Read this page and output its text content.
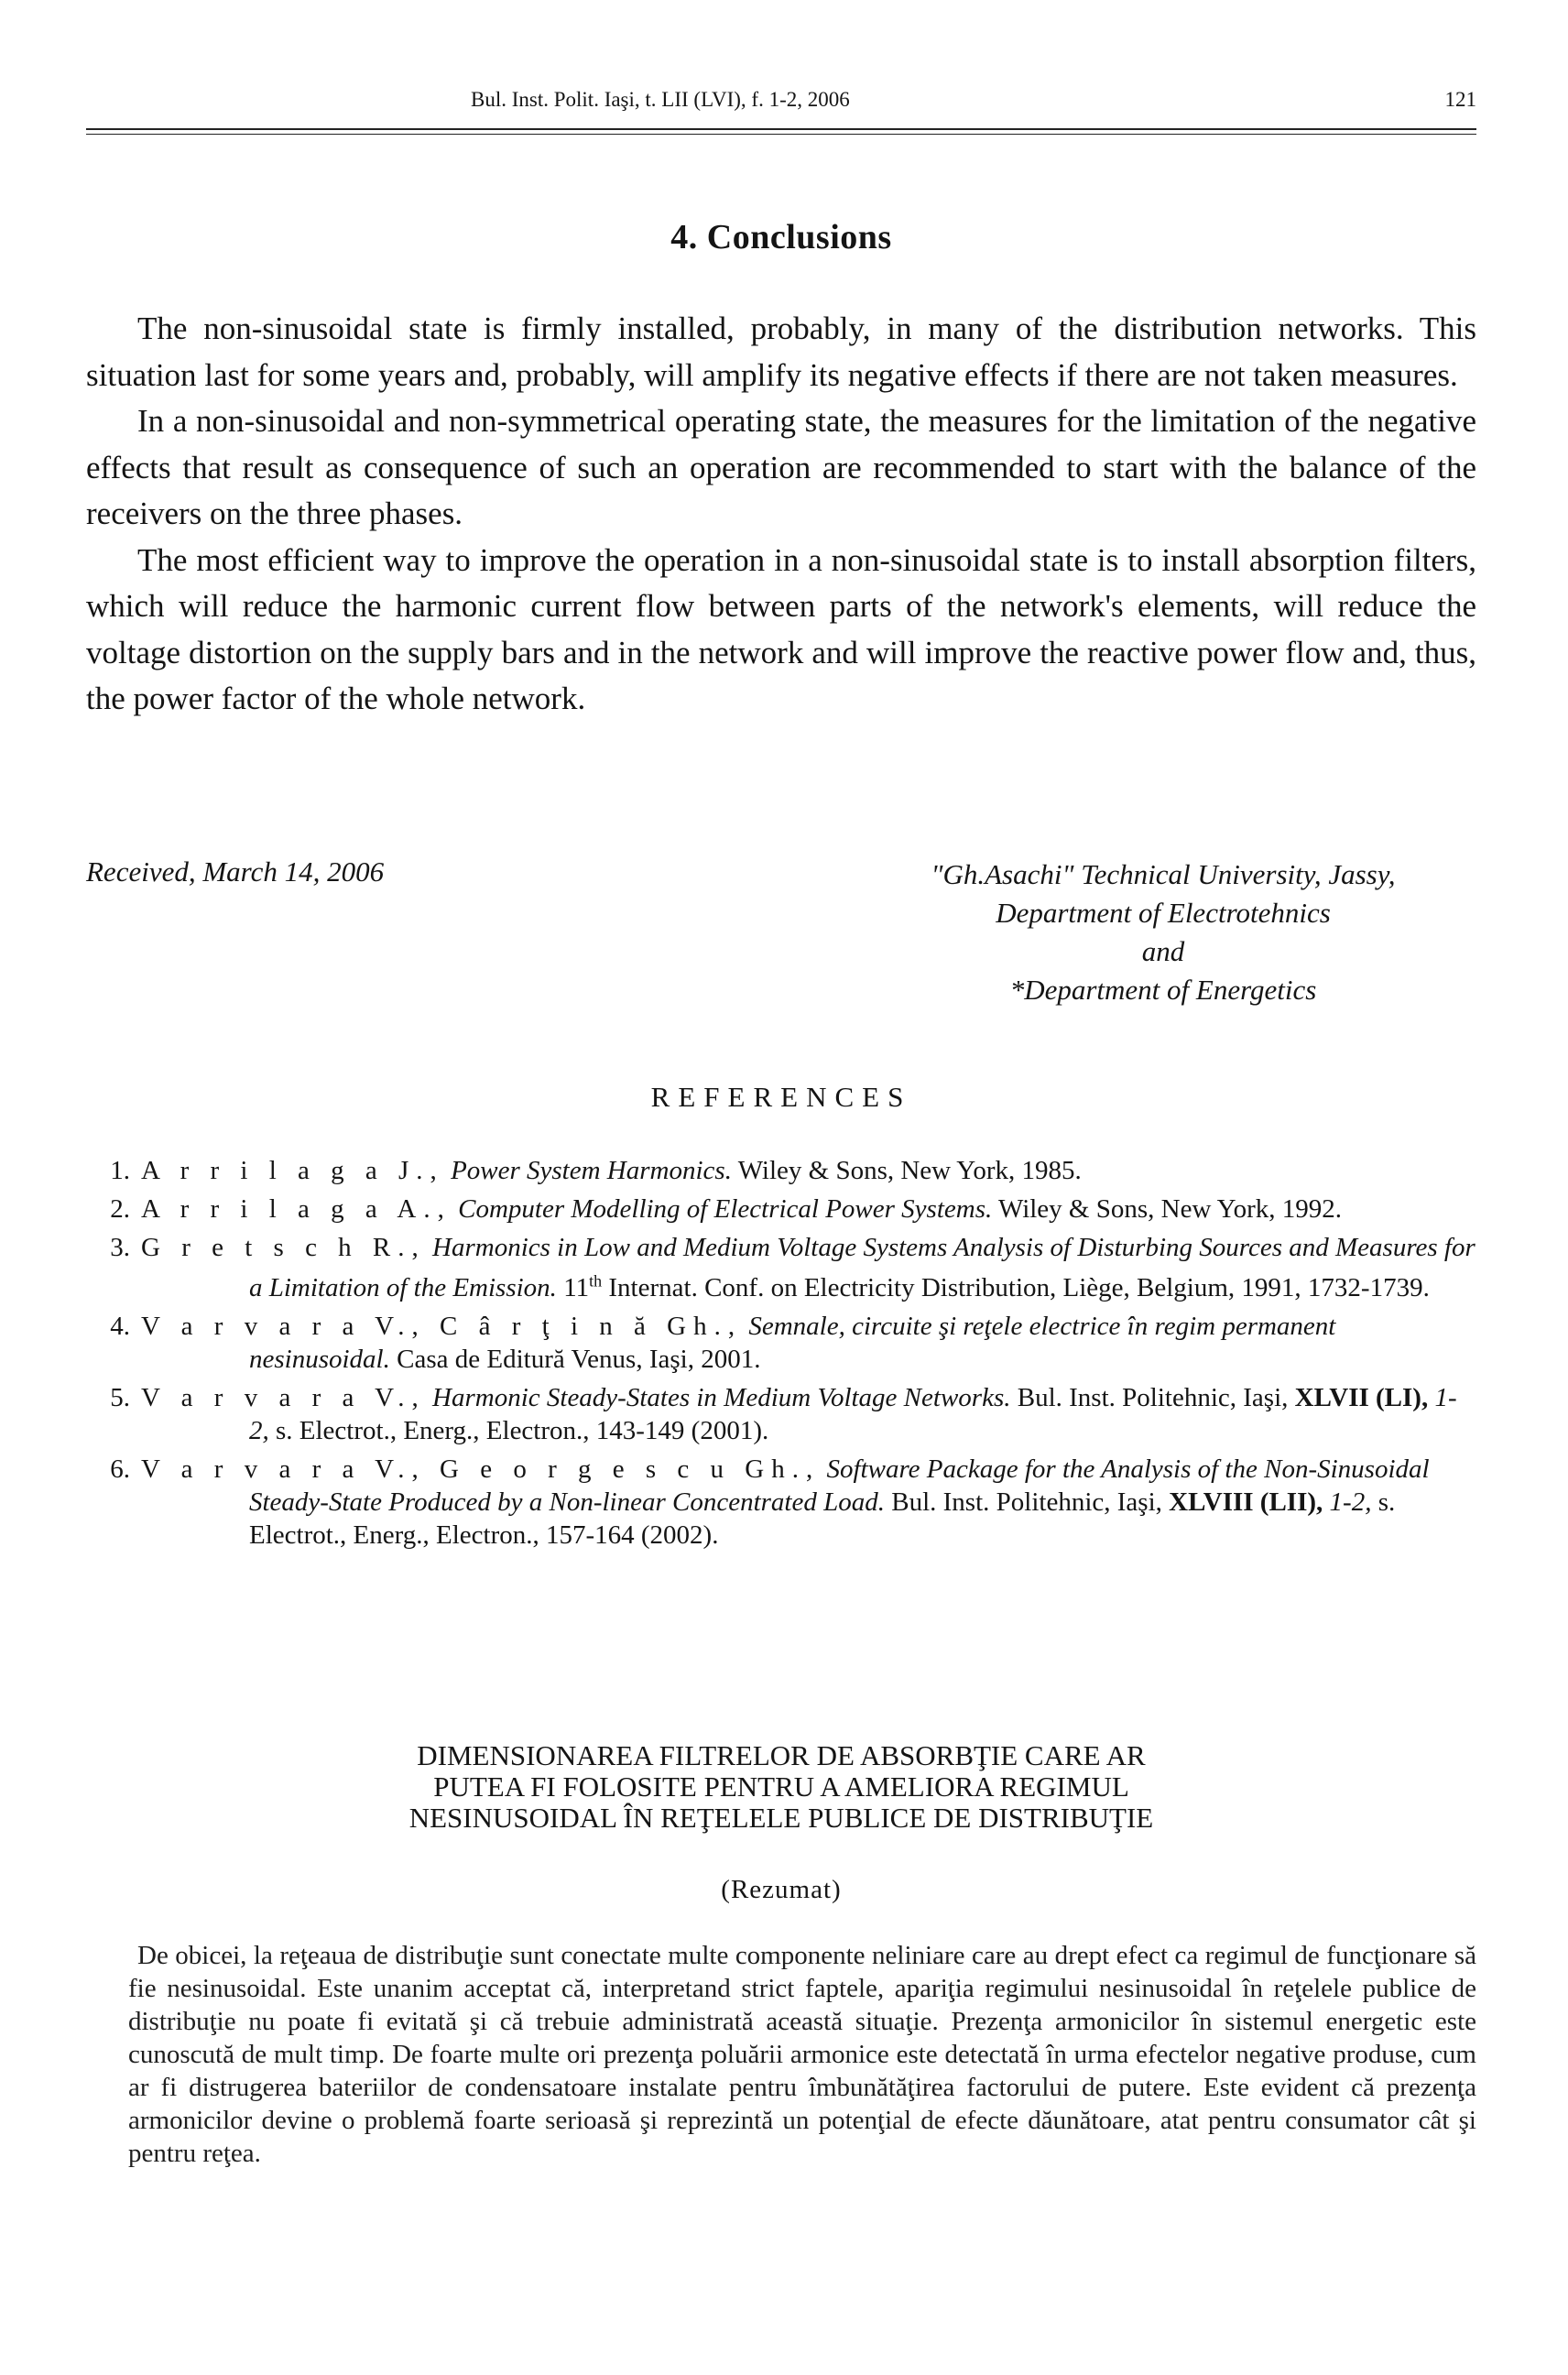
Bul. Inst. Polit. Iaşi, t. LII (LVI), f. 1-2, 2006	121
4. Conclusions

The non-sinusoidal state is firmly installed, probably, in many of the distribution networks. This situation last for some years and, probably, will amplify its negative effects if there are not taken measures.

In a non-sinusoidal and non-symmetrical operating state, the measures for the limitation of the negative effects that result as consequence of such an operation are recommended to start with the balance of the receivers on the three phases.

The most efficient way to improve the operation in a non-sinusoidal state is to install absorption filters, which will reduce the harmonic current flow between parts of the network's elements, will reduce the voltage distortion on the supply bars and in the network and will improve the reactive power flow and, thus, the power factor of the whole network.

Received, March 14, 2006	"Gh.Asachi" Technical University, Jassy,
Department of Electrotehnics
and
*Department of Energetics
REFERENCES
1. A r r i l a g a J., Power System Harmonics. Wiley & Sons, New York, 1985.
2. A r r i l a g a A., Computer Modelling of Electrical Power Systems. Wiley & Sons, New York, 1992.
3. G r e t s c h R., Harmonics in Low and Medium Voltage Systems Analysis of Disturbing Sources and Measures for a Limitation of the Emission. 11th Internat. Conf. on Electricity Distribution, Liège, Belgium, 1991, 1732-1739.
4. V a r v a r a V., C â r ţ i n ă Gh., Semnale, circuite şi reţele electrice în regim permanent nesinusoidal. Casa de Editură Venus, Iaşi, 2001.
5. V a r v a r a V., Harmonic Steady-States in Medium Voltage Networks. Bul. Inst. Politehnic, Iaşi, XLVII (LI), 1-2, s. Electrot., Energ., Electron., 143-149 (2001).
6. V a r v a r a V., G e o r g e s c u Gh., Software Package for the Analysis of the Non-Sinusoidal Steady-State Produced by a Non-linear Concentrated Load. Bul. Inst. Politehnic, Iaşi, XLVIII (LII), 1-2, s. Electrot., Energ., Electron., 157-164 (2002).
DIMENSIONAREA FILTRELOR DE ABSORBŢIE CARE AR
PUTEA FI FOLOSITE PENTRU A AMELIORA REGIMUL
NESINUSOIDAL ÎN REŢELELE PUBLICE DE DISTRIBUŢIE
(Rezumat)

De obicei, la reţeaua de distribuţie sunt conectate multe componente neliniare care au drept efect ca regimul de funcţionare să fie nesinusoidal. Este unanim acceptat că, interpretand strict faptele, apariţia regimului nesinusoidal în reţelele publice de distribuţie nu poate fi evitată şi că trebuie administrată această situaţie. Prezenţa armonicilor în sistemul energetic este cunoscută de mult timp. De foarte multe ori prezenţa poluării armonice este detectată în urma efectelor negative produse, cum ar fi distrugerea bateriilor de condensatoare instalate pentru îmbunătăţirea factorului de putere. Este evident că prezenţa armonicilor devine o problemă foarte serioasă şi reprezintă un potenţial de efecte dăunătoare, atat pentru consumator cât şi pentru reţea.
